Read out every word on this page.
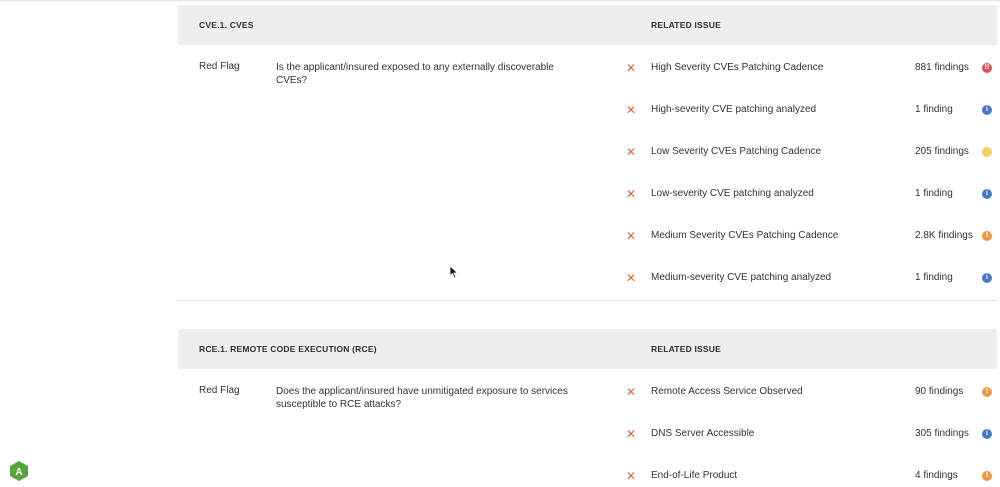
CVE.1. CVES	RELATED ISSUE
Red Flag	Is the applicant/insured exposed to any externally discoverable CVEs?
✕ High Severity CVEs Patching Cadence	881 findings	!!
✕ High-severity CVE patching analyzed	1 finding	i
✕ Low Severity CVEs Patching Cadence	205 findings
✕ Low-severity CVE patching analyzed	1 finding	i
✕ Medium Severity CVEs Patching Cadence	2.8K findings	!
✕ Medium-severity CVE patching analyzed	1 finding	i
RCE.1. REMOTE CODE EXECUTION (RCE)	RELATED ISSUE
Red Flag	Does the applicant/insured have unmitigated exposure to services susceptible to RCE attacks?
✕ Remote Access Service Observed	90 findings	!
✕ DNS Server Accessible	305 findings	i
✕ End-of-Life Product	4 findings	!
A
